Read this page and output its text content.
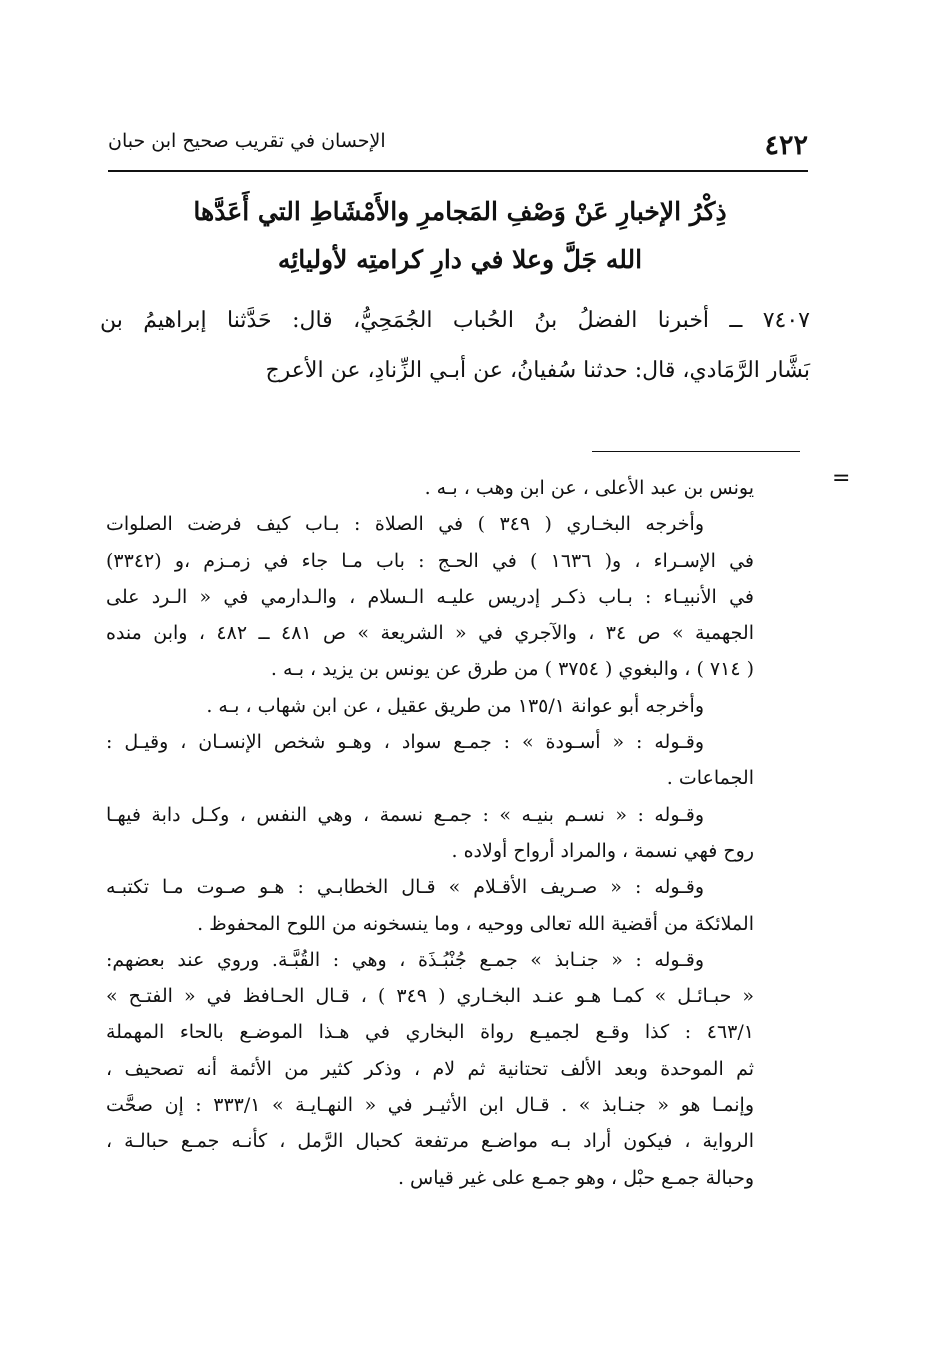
٤٢٢
الإحسان في تقريب صحيح ابن حبان
ذِكْرُ الإخبارِ عَنْ وَصْفِ المَجامرِ والأَمْشَاطِ التي أَعَدَّها
الله جَلَّ وعلا في دارِ كرامتِه لأوليائِه
٧٤٠٧ ــ أخبرنا الفضلُ بنُ الحُباب الجُمَحِيُّ، قال: حَدَّثنا إبراهيمُ بن
بَشَّار الرَّمَادي، قال: حدثنا سُفيانُ، عن أبـي الزِّنادِ، عن الأعرج
=
يونس بن عبد الأعلى ، عن ابن وهب ، بـه .
وأخرجه البخـاري ( ٣٤٩ ) في الصلاة : بـاب كيف فرضت الصلوات
في الإسـراء ، و( ١٦٣٦ ) في الحـج : باب مـا جاء في زمـزم ،و (٣٣٤٢)
في الأنبيـاء : بـاب ذكـر إدريس عليـه الـسلام ، والـدارمي في « الـرد على
الجهمية » ص ٣٤ ، والآجري في « الشريعة » ص ٤٨١ ــ ٤٨٢ ، وابن منده
( ٧١٤ ) ، والبغوي ( ٣٧٥٤ ) من طرق عن يونس بن يزيد ، بـه .
وأخرجه أبو عوانة ١٣٥/١ من طريق عقيل ، عن ابن شهاب ، بـه .
وقـوله : « أسـودة » : جمـع سواد ، وهـو شخص الإنسـان ، وقيـل :
الجماعات .
وقـوله : « نسـم بنيـه » : جمـع نسمة ، وهي النفس ، وكـل دابة فيهـا
روح فهي نسمة ، والمراد أرواح أولاده .
وقـوله : « صـريف الأقـلام » قـال الخطابـي : هـو صـوت مـا تكتبـه
الملائكة من أقضية الله تعالى ووحيه ، وما ينسخونه من اللوح المحفوظ .
وقـوله : « جنـابذ » جمـع جُنْبُـذَة ، وهي : القُبَّـة. وروي عند بعضهم:
« حبـائـل » كمـا هـو عنـد البخـاري ( ٣٤٩ ) ، قـال الحـافظ في « الفتـح »
٤٦٣/١ : كذا وقـع لجميـع رواة البخاري في هـذا الموضـع بالحاء المهملة
ثم الموحدة وبعد الألف تحتانية ثم لام ، وذكر كثير من الأئمة أنه تصحيف ،
وإنمـا هو « جنـابذ » . قـال ابن الأثيـر في « النهـايـة » ٣٣٣/١ : إن صحَّت
الرواية ، فيكون أراد بـه مواضـع مرتفعة كحبال الرَّمل ، كأنـه جمـع حبالـة ،
وحبالة جمـع حبْل ، وهو جمـع على غير قياس .
